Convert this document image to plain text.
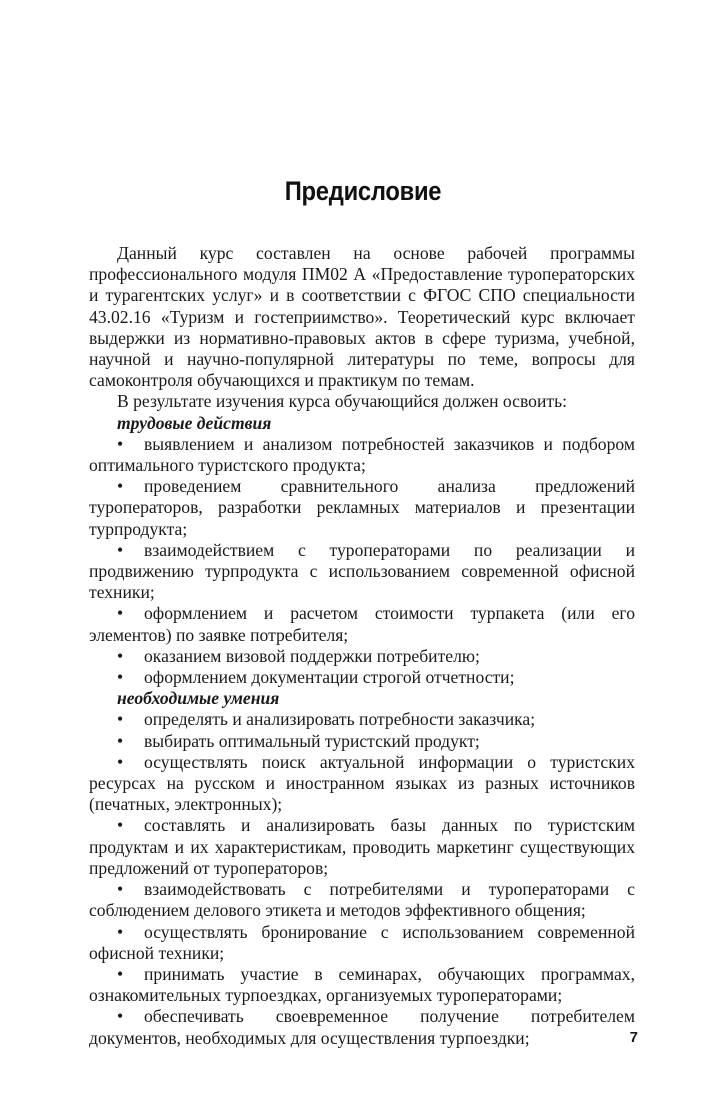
Предисловие

Данный курс составлен на основе рабочей программы профессионального модуля ПМ02 А «Предоставление туроператорских и турагентских услуг» и в соответствии с ФГОС СПО специальности 43.02.16 «Туризм и гостеприимство». Теоретический курс включает выдержки из нормативно-правовых актов в сфере туризма, учебной, научной и научно-популярной литературы по теме, вопросы для самоконтроля обучающихся и практикум по темам.

В результате изучения курса обучающийся должен освоить:

трудовые действия

• выявлением и анализом потребностей заказчиков и подбором оптимального туристского продукта;

• проведением сравнительного анализа предложений туроператоров, разработки рекламных материалов и презентации турпродукта;

• взаимодействием с туроператорами по реализации и продвижению турпродукта с использованием современной офисной техники;

• оформлением и расчетом стоимости турпакета (или его элементов) по заявке потребителя;

• оказанием визовой поддержки потребителю;

• оформлением документации строгой отчетности;

необходимые умения

• определять и анализировать потребности заказчика;

• выбирать оптимальный туристский продукт;

• осуществлять поиск актуальной информации о туристских ресурсах на русском и иностранном языках из разных источников (печатных, электронных);

• составлять и анализировать базы данных по туристским продуктам и их характеристикам, проводить маркетинг существующих предложений от туроператоров;

• взаимодействовать с потребителями и туроператорами с соблюдением делового этикета и методов эффективного общения;

• осуществлять бронирование с использованием современной офисной техники;

• принимать участие в семинарах, обучающих программах, ознакомительных турпоездках, организуемых туроператорами;

• обеспечивать своевременное получение потребителем документов, необходимых для осуществления турпоездки;	7
